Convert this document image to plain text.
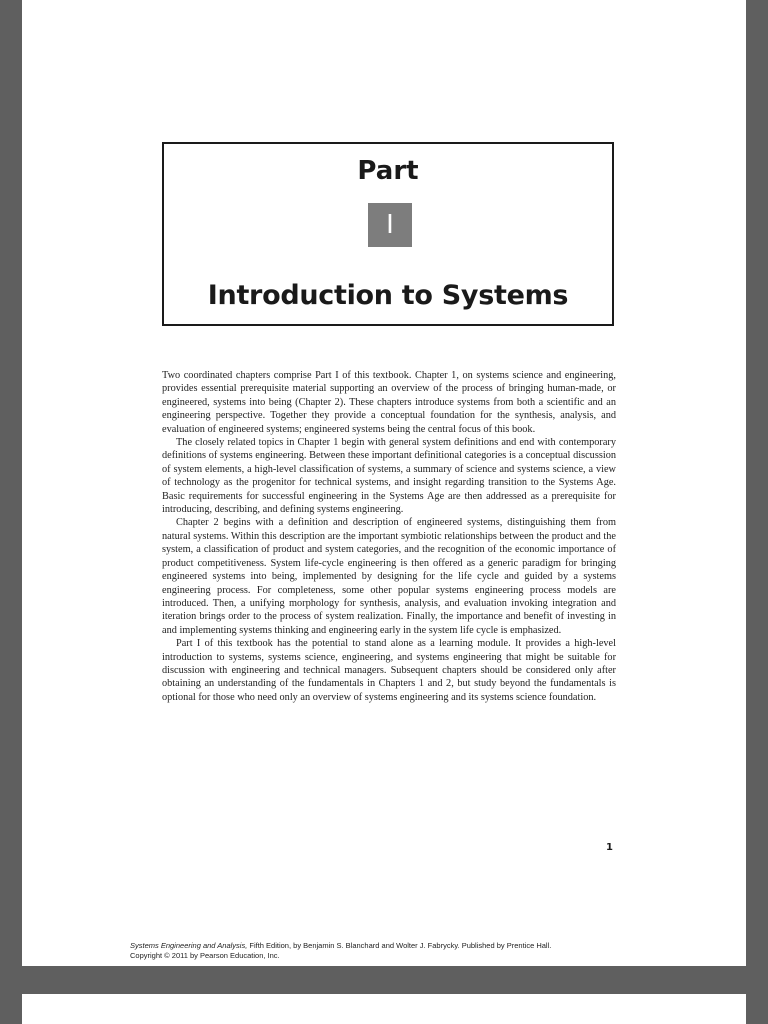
Part
I
Introduction to Systems

Two coordinated chapters comprise Part I of this textbook. Chapter 1, on systems science and engineering, provides essential prerequisite material supporting an overview of the process of bringing human-made, or engineered, systems into being (Chapter 2). These chapters introduce systems from both a scientific and an engineering perspective. Together they provide a conceptual foundation for the synthesis, analysis, and evaluation of engineered systems; engineered systems being the central focus of this book.

The closely related topics in Chapter 1 begin with general system definitions and end with contemporary definitions of systems engineering. Between these important definitional categories is a conceptual discussion of system elements, a high-level classification of systems, a summary of science and systems science, a view of technology as the progenitor for technical systems, and insight regarding transition to the Systems Age. Basic requirements for successful engineering in the Systems Age are then addressed as a prerequisite for introducing, describing, and defining systems engineering.

Chapter 2 begins with a definition and description of engineered systems, distinguishing them from natural systems. Within this description are the important symbiotic relationships between the product and the system, a classification of product and system categories, and the recognition of the economic importance of product competitiveness. System life-cycle engineering is then offered as a generic paradigm for bringing engineered systems into being, implemented by designing for the life cycle and guided by a systems engineering process. For completeness, some other popular systems engineering process models are introduced. Then, a unifying morphology for synthesis, analysis, and evaluation invoking integration and iteration brings order to the process of system realization. Finally, the importance and benefit of investing in and implementing systems thinking and engineering early in the system life cycle is emphasized.

Part I of this textbook has the potential to stand alone as a learning module. It provides a high-level introduction to systems, systems science, engineering, and systems engineering that might be suitable for discussion with engineering and technical managers. Subsequent chapters should be considered only after obtaining an understanding of the fundamentals in Chapters 1 and 2, but study beyond the fundamentals is optional for those who need only an overview of systems engineering and its systems science foundation.

1
Systems Engineering and Analysis, Fifth Edition, by Benjamin S. Blanchard and Wolter J. Fabrycky. Published by Prentice Hall.
Copyright © 2011 by Pearson Education, Inc.
